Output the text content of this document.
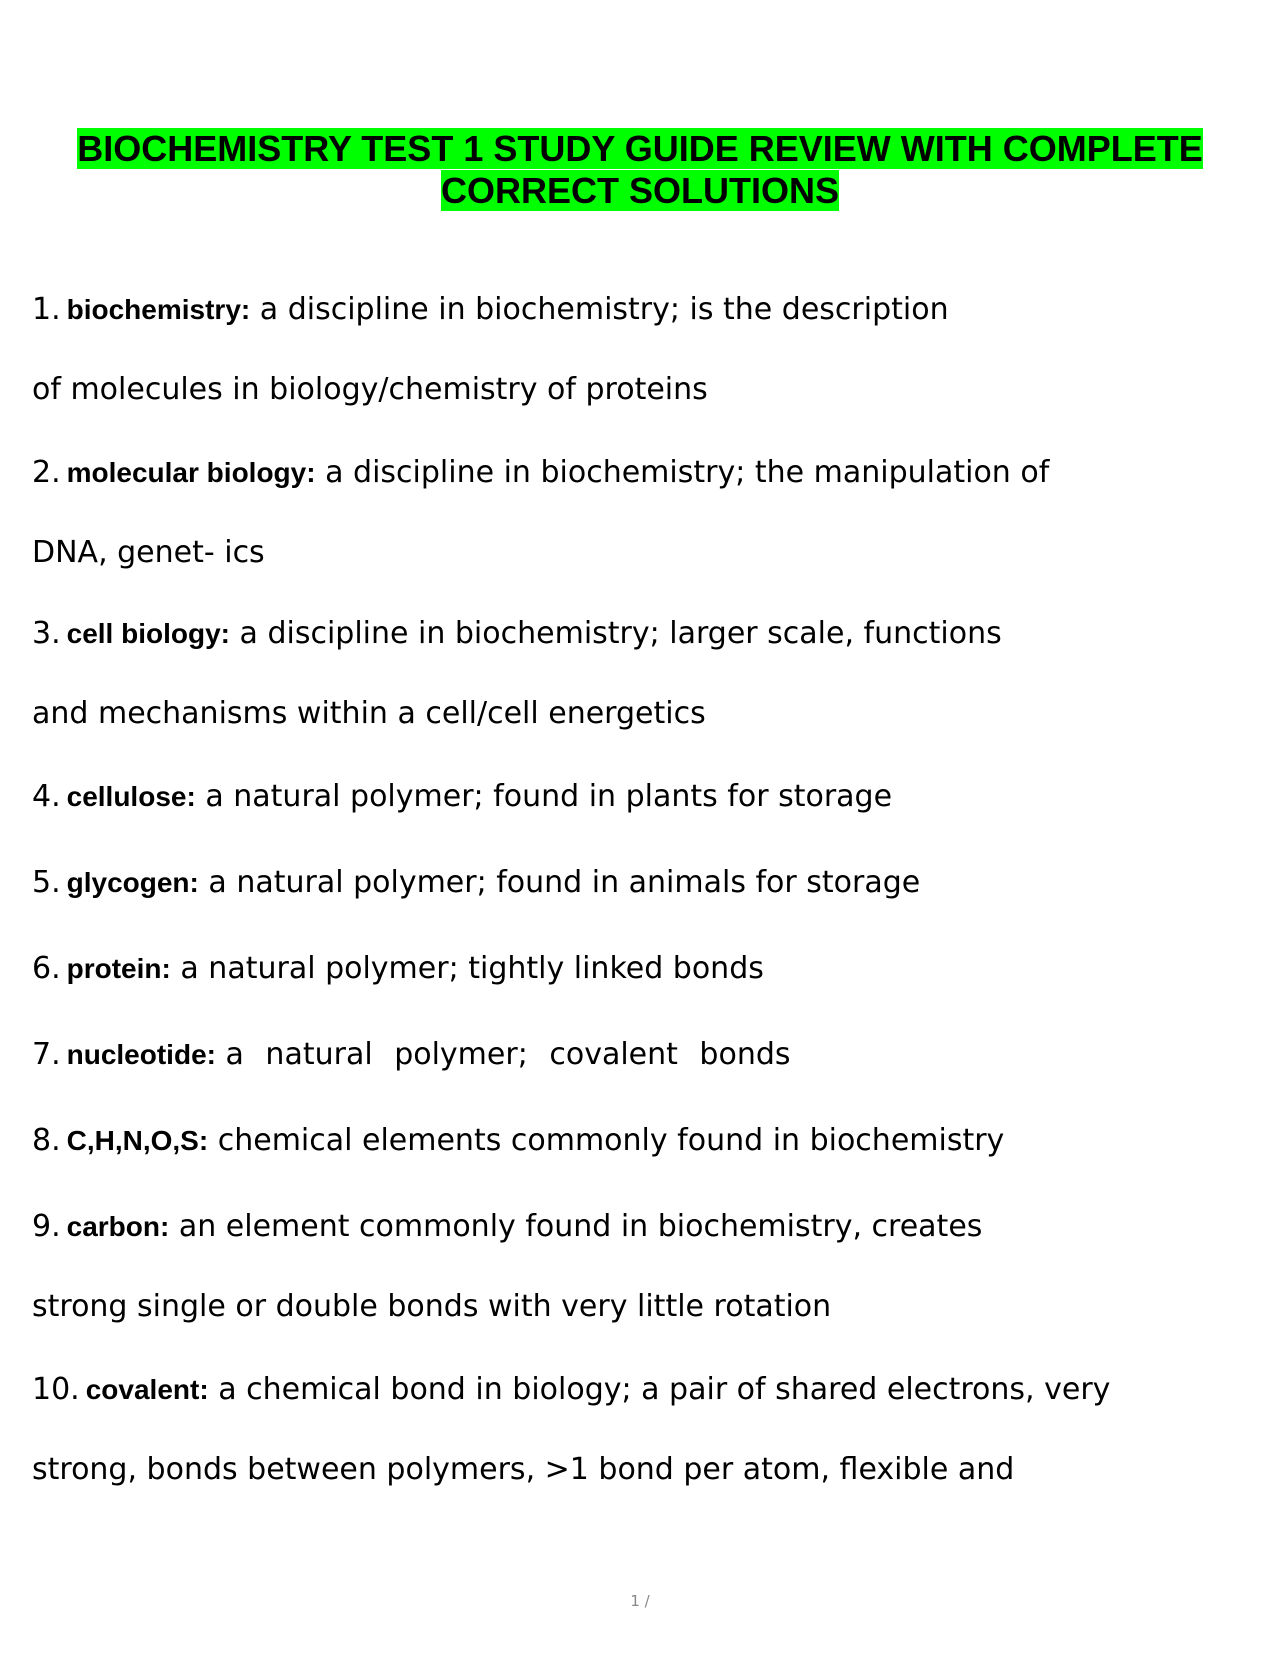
BIOCHEMISTRY TEST 1 STUDY GUIDE REVIEW WITH COMPLETE
CORRECT SOLUTIONS
1. biochemistry: a discipline in biochemistry; is the description
of molecules in biology/chemistry of proteins
2. molecular biology: a discipline in biochemistry; the manipulation of
DNA, genet- ics
3. cell biology: a discipline in biochemistry; larger scale, functions
and mechanisms within a cell/cell energetics
4. cellulose: a natural polymer; found in plants for storage
5. glycogen: a natural polymer; found in animals for storage
6. protein: a natural polymer; tightly linked bonds
7. nucleotide: a natural polymer; covalent bonds
8. C,H,N,O,S: chemical elements commonly found in biochemistry
9. carbon: an element commonly found in biochemistry, creates
strong single or double bonds with very little rotation
10. covalent: a chemical bond in biology; a pair of shared electrons, very
strong, bonds between polymers, >1 bond per atom, flexible and
1 /
